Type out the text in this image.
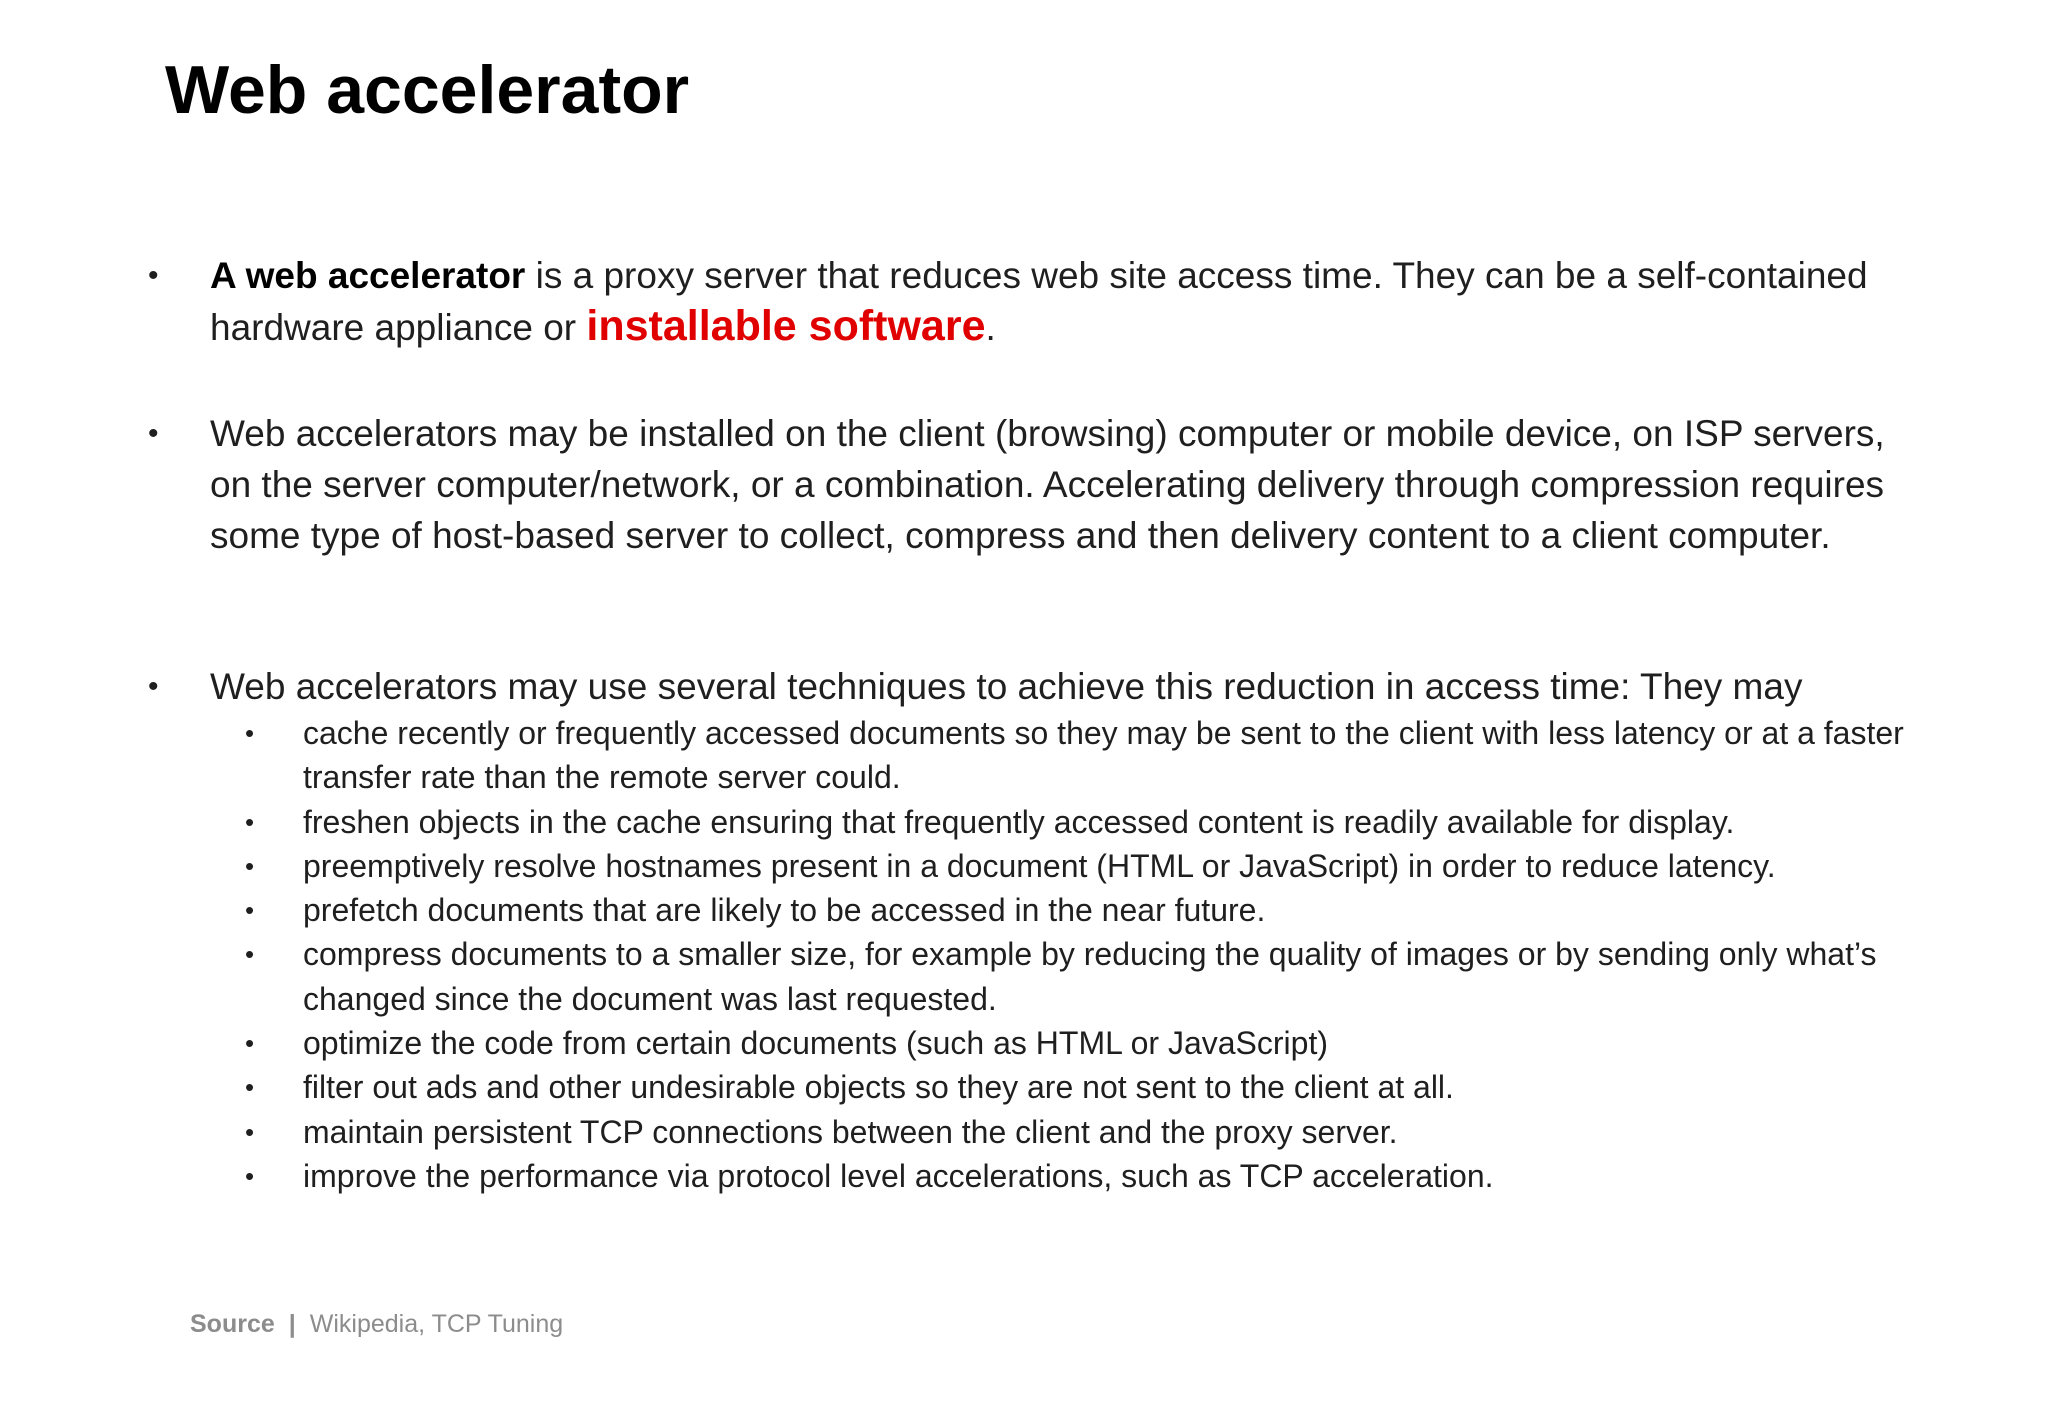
Web accelerator
• A web accelerator is a proxy server that reduces web site access time. They can be a self-contained hardware appliance or installable software.
• Web accelerators may be installed on the client (browsing) computer or mobile device, on ISP servers, on the server computer/network, or a combination. Accelerating delivery through compression requires some type of host-based server to collect, compress and then delivery content to a client computer.
• Web accelerators may use several techniques to achieve this reduction in access time: They may
• cache recently or frequently accessed documents so they may be sent to the client with less latency or at a faster transfer rate than the remote server could.
• freshen objects in the cache ensuring that frequently accessed content is readily available for display.
• preemptively resolve hostnames present in a document (HTML or JavaScript) in order to reduce latency.
• prefetch documents that are likely to be accessed in the near future.
• compress documents to a smaller size, for example by reducing the quality of images or by sending only what’s changed since the document was last requested.
• optimize the code from certain documents (such as HTML or JavaScript)
• filter out ads and other undesirable objects so they are not sent to the client at all.
• maintain persistent TCP connections between the client and the proxy server.
• improve the performance via protocol level accelerations, such as TCP acceleration.
Source | Wikipedia, TCP Tuning
